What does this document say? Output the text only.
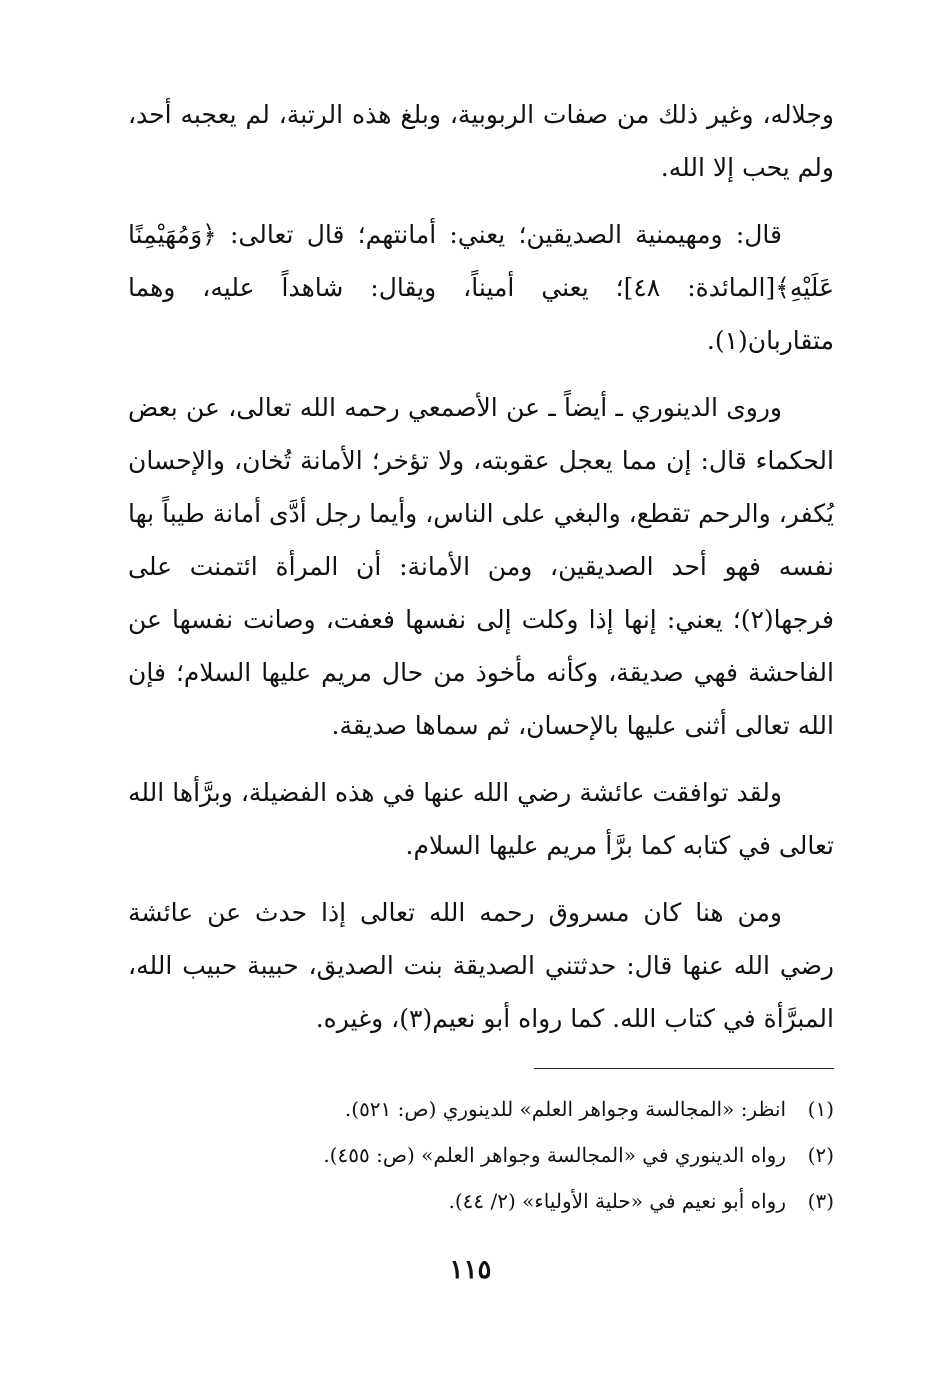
وجلاله، وغير ذلك من صفات الربوبية، وبلغ هذه الرتبة، لم يعجبه أحد، ولم يحب إلا الله.

قال: ومهيمنية الصديقين؛ يعني: أمانتهم؛ قال تعالى: ﴿وَمُهَيْمِنًا عَلَيْهِ﴾[المائدة: ٤٨]؛ يعني أميناً، ويقال: شاهداً عليه، وهما متقاربان(١).

وروى الدينوري ـ أيضاً ـ عن الأصمعي رحمه الله تعالى، عن بعض الحكماء قال: إن مما يعجل عقوبته، ولا تؤخر؛ الأمانة تُخان، والإحسان يُكفر، والرحم تقطع، والبغي على الناس، وأيما رجل أدَّى أمانة طيباً بها نفسه فهو أحد الصديقين، ومن الأمانة: أن المرأة ائتمنت على فرجها(٢)؛ يعني: إنها إذا وكلت إلى نفسها فعفت، وصانت نفسها عن الفاحشة فهي صديقة، وكأنه مأخوذ من حال مريم عليها السلام؛ فإن الله تعالى أثنى عليها بالإحسان، ثم سماها صديقة.

ولقد توافقت عائشة رضي الله عنها في هذه الفضيلة، وبرَّأها الله تعالى في كتابه كما برَّأ مريم عليها السلام.

ومن هنا كان مسروق رحمه الله تعالى إذا حدث عن عائشة رضي الله عنها قال: حدثتني الصديقة بنت الصديق، حبيبة حبيب الله، المبرَّأة في كتاب الله. كما رواه أبو نعيم(٣)، وغيره.

(١)
انظر: «المجالسة وجواهر العلم» للدينوري (ص: ٥٢١).
(٢)
رواه الدينوري في «المجالسة وجواهر العلم» (ص: ٤٥٥).
(٣)
رواه أبو نعيم في «حلية الأولياء» (٢/ ٤٤).
١١٥
